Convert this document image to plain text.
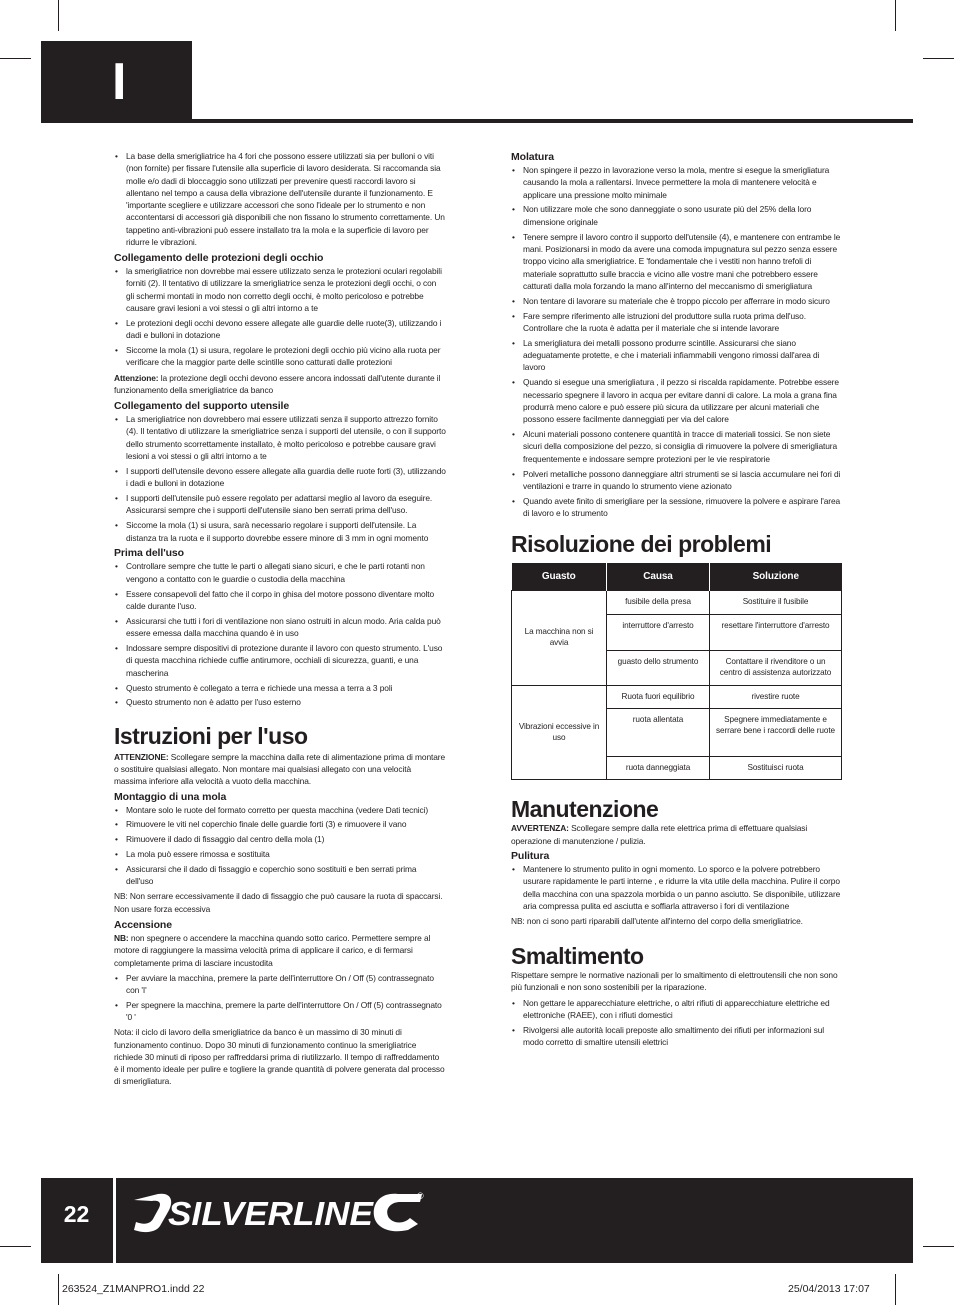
I
• La base della smerigliatrice ha 4 fori che possono essere utilizzati sia per bulloni o viti (non fornite) per fissare l'utensile alla superficie di lavoro desiderata. Si raccomanda sia molle e/o dadi di bloccaggio sono utilizzati per prevenire questi raccordi lavoro si allentano nel tempo a causa della vibrazione dell'utensile durante il funzionamento. E 'importante scegliere e utilizzare accessori che sono l'ideale per lo strumento e non accontentarsi di accessori già disponibili che non fissano lo strumento correttamente. Un tappetino anti-vibrazioni può essere installato tra la mola e la superficie di lavoro per ridurre le vibrazioni.

Collegamento delle protezioni degli occhio

• la smerigliatrice non dovrebbe mai essere utilizzato senza le protezioni oculari regolabili forniti (2). Il tentativo di utilizzare la smerigliatrice senza le protezioni degli occhi, o con gli schermi montati in modo non corretto degli occhi, è molto pericoloso e potrebbe causare gravi lesioni a voi stessi o gli altri intorno a te
• Le protezioni degli occhi devono essere allegate alle guardie delle ruote(3), utilizzando i dadi e bulloni in dotazione
• Siccome la mola (1) si usura, regolare le protezioni degli occhio più vicino alla ruota per verificare che la maggior parte delle scintille sono catturati dalle protezioni

Attenzione: la protezione degli occhi devono essere ancora indossati dall'utente durante il funzionamento della smerigliatrice da banco

Collegamento del supporto utensile

• La smerigliatrice non dovrebbero mai essere utilizzati senza il supporto attrezzo fornito (4). Il tentativo di utilizzare la smerigliatrice senza i supporti del utensile, o con il supporto dello strumento scorrettamente installato, è molto pericoloso e potrebbe causare gravi lesioni a voi stessi o gli altri intorno a te
• I supporti dell'utensile devono essere allegate alla guardia delle ruote forti (3), utilizzando i dadi e bulloni in dotazione
• I supporti dell'utensile può essere regolato per adattarsi meglio al lavoro da eseguire. Assicurarsi sempre che i supporti dell'utensile siano ben serrati prima dell'uso.
• Siccome la mola (1) si usura, sarà necessario regolare i supporti dell'utensile. La distanza tra la ruota e il supporto dovrebbe essere minore di 3 mm in ogni momento

Prima dell'uso

• Controllare sempre che tutte le parti o allegati siano sicuri, e che le parti rotanti non vengono a contatto con le guardie o custodia della macchina
• Essere consapevoli del fatto che il corpo in ghisa del motore possono diventare molto calde durante l'uso.
• Assicurarsi che tutti i fori di ventilazione non siano ostruiti in alcun modo. Aria calda può essere emessa dalla macchina quando è in uso
• Indossare sempre dispositivi di protezione durante il lavoro con questo strumento. L'uso di questa macchina richiede cuffie antirumore, occhiali di sicurezza, guanti, e una mascherina
• Questo strumento è collegato a terra e richiede una messa a terra a 3 poli
• Questo strumento non è adatto per l'uso esterno
Istruzioni per l'uso

ATTENZIONE: Scollegare sempre la macchina dalla rete di alimentazione prima di montare o sostituire qualsiasi allegato. Non montare mai qualsiasi allegato con una velocità massima inferiore alla velocità a vuoto della macchina.

Montaggio di una mola

• Montare solo le ruote del formato corretto per questa macchina (vedere Dati tecnici)
• Rimuovere le viti nel coperchio finale delle guardie forti (3) e rimuovere il vano
• Rimuovere il dado di fissaggio dal centro della mola (1)
• La mola può essere rimossa e sostituita
• Assicurarsi che il dado di fissaggio e coperchio sono sostituiti e ben serrati prima dell'uso

NB: Non serrare eccessivamente il dado di fissaggio che può causare la ruota di spaccarsi. Non usare forza eccessiva

Accensione

NB: non spegnere o accendere la macchina quando sotto carico. Permettere sempre al motore di raggiungere la massima velocità prima di applicare il carico, e di fermarsi completamente prima di lasciare incustodita

• Per avviare la macchina, premere la parte dell'interruttore On / Off (5) contrassegnato con 'I'
• Per spegnere la macchina, premere la parte dell'interruttore On / Off (5) contrassegnato '0 '

Nota: il ciclo di lavoro della smerigliatrice da banco è un massimo di 30 minuti di funzionamento continuo. Dopo 30 minuti di funzionamento continuo la smerigliatrice richiede 30 minuti di riposo per raffreddarsi prima di riutilizzarlo. Il tempo di raffreddamento è il momento ideale per pulire e togliere la grande quantità di polvere generata dal processo di smerigliatura.

Molatura

• Non spingere il pezzo in lavorazione verso la mola, mentre si esegue la smerigliatura causando la mola a rallentarsi. Invece permettere la mola di mantenere velocità e applicare una pressione molto minimale
• Non utilizzare mole che sono danneggiate o sono usurate più del 25% della loro dimensione originale
• Tenere sempre il lavoro contro il supporto dell'utensile (4), e mantenere con entrambe le mani. Posizionarsi in modo da avere una comoda impugnatura sul pezzo senza essere troppo vicino alla smerigliatrice. E 'fondamentale che i vestiti non hanno trefoli di materiale soprattutto sulle braccia e vicino alle vostre mani che potrebbero essere catturati dalla mola forzando la mano all'interno del meccanismo di smerigliatura
• Non tentare di lavorare su materiale che è troppo piccolo per afferrare in modo sicuro
• Fare sempre riferimento alle istruzioni del produttore sulla ruota prima dell'uso. Controllare che la ruota è adatta per il materiale che si intende lavorare
• La smerigliatura dei metalli possono produrre scintille. Assicurarsi che siano adeguatamente protette, e che i materiali infiammabili vengono rimossi dall'area di lavoro
• Quando si esegue una smerigliatura , il pezzo si riscalda rapidamente. Potrebbe essere necessario spegnere il lavoro in acqua per evitare danni di calore. La mola a grana fina produrrà meno calore e può essere più sicura da utilizzare per alcuni materiali che possono essere facilmente danneggiati per via del calore
• Alcuni materiali possono contenere quantità in tracce di materiali tossici. Se non siete sicuri della composizione del pezzo, si consiglia di rimuovere la polvere di smerigliatura frequentemente e indossare sempre protezioni per le vie respiratorie
• Polveri metalliche possono danneggiare altri strumenti se si lascia accumulare nei fori di ventilazioni e trarre in quando lo strumento viene azionato
• Quando avete finito di smerigliare per la sessione, rimuovere la polvere e aspirare l'area di lavoro e lo strumento
Risoluzione dei problemi
Guasto	Causa	Soluzione
La macchina non si avvia	fusibile della presa	Sostituire il fusibile
	interruttore d'arresto	resettare l'interruttore d'arresto
	guasto dello strumento	Contattare il rivenditore o un centro di assistenza autorizzato
Vibrazioni eccessive in uso	Ruota fuori equilibrio	rivestire ruote
	ruota allentata	Spegnere immediatamente e serrare bene i raccordi delle ruote
	ruota danneggiata	Sostituisci ruota
Manutenzione

AVVERTENZA: Scollegare sempre dalla rete elettrica prima di effettuare qualsiasi operazione di manutenzione / pulizia.

Pulitura

• Mantenere lo strumento pulito in ogni momento. Lo sporco e la polvere potrebbero usurare rapidamente le parti interne , e ridurre la vita utile della macchina. Pulire il corpo della macchina con una spazzola morbida o un panno asciutto. Se disponibile, utilizzare aria compressa pulita ed asciutta e soffiarla attraverso i fori di ventilazione

NB: non ci sono parti riparabili dall'utente all'interno del corpo della smerigliatrice.

Smaltimento

Rispettare sempre le normative nazionali per lo smaltimento di elettroutensili che non sono più funzionali e non sono sostenibili per la riparazione.

• Non gettare le apparecchiature elettriche, o altri rifiuti di apparecchiature elettriche ed elettroniche (RAEE), con i rifiuti domestici
• Rivolgersi alle autorità locali preposte allo smaltimento dei rifiuti per informazioni sul modo corretto di smaltire utensili elettrici
22	SILVERLINE	®
263524_Z1MANPRO1.indd 22	25/04/2013 17:07
